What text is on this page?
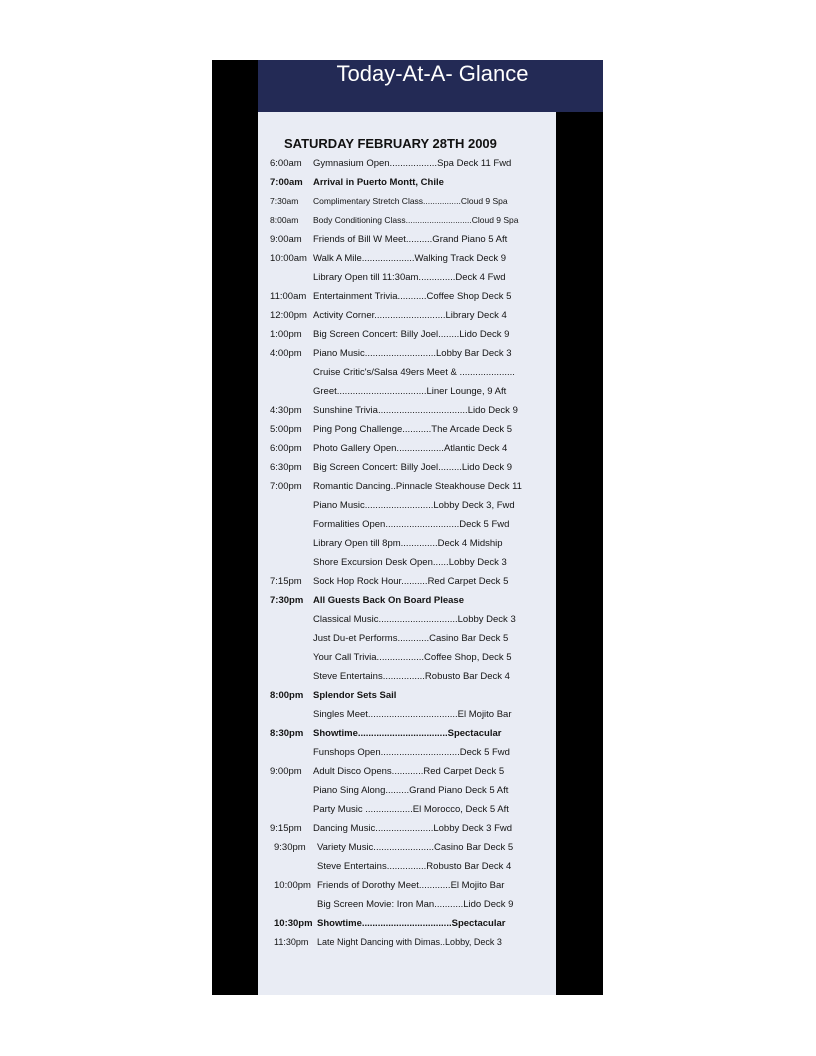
Today-At-A- Glance
SATURDAY FEBRUARY 28TH 2009
6:00am Gymnasium Open..................Spa Deck 11 Fwd
7:00am Arrival in Puerto Montt, Chile
7:30am Complimentary Stretch Class................Cloud 9 Spa
8:00am Body Conditioning Class............................Cloud 9 Spa
9:00am Friends of Bill W Meet..........Grand Piano 5 Aft
10:00am Walk A Mile....................Walking Track Deck 9
Library Open till 11:30am..............Deck 4 Fwd
11:00am Entertainment Trivia...........Coffee Shop Deck 5
12:00pm Activity Corner...........................Library Deck 4
1:00pm Big Screen Concert: Billy Joel........Lido Deck 9
4:00pm Piano Music...........................Lobby Bar Deck 3
Cruise Critic's/Salsa 49ers Meet & .....................
Greet..................................Liner Lounge, 9 Aft
4:30pm Sunshine Trivia..................................Lido Deck 9
5:00pm Ping Pong Challenge...........The Arcade Deck 5
6:00pm Photo Gallery Open..................Atlantic Deck 4
6:30pm Big Screen Concert: Billy Joel.........Lido Deck 9
7:00pm Romantic Dancing..Pinnacle Steakhouse Deck 11
Piano Music..........................Lobby Deck 3, Fwd
Formalities Open............................Deck 5 Fwd
Library Open till 8pm..............Deck 4 Midship
Shore Excursion Desk Open......Lobby Deck 3
7:15pm Sock Hop Rock Hour..........Red Carpet Deck 5
7:30pm All Guests Back On Board Please
Classical Music..............................Lobby Deck 3
Just Du-et Performs............Casino Bar Deck 5
Your Call Trivia..................Coffee Shop, Deck 5
Steve Entertains................Robusto Bar Deck 4
8:00pm Splendor Sets Sail
Singles Meet..................................El Mojito Bar
8:30pm Showtime..................................Spectacular
Funshops Open..............................Deck 5 Fwd
9:00pm Adult Disco Opens............Red Carpet Deck 5
Piano Sing Along.........Grand Piano Deck 5 Aft
Party Music ..................El Morocco, Deck 5 Aft
9:15pm Dancing Music......................Lobby Deck 3 Fwd
9:30pm Variety Music.......................Casino Bar Deck 5
Steve Entertains...............Robusto Bar Deck 4
10:00pm Friends of Dorothy Meet............El Mojito Bar
Big Screen Movie: Iron Man...........Lido Deck 9
10:30pm Showtime..................................Spectacular
11:30pm Late Night Dancing with Dimas..Lobby, Deck 3
